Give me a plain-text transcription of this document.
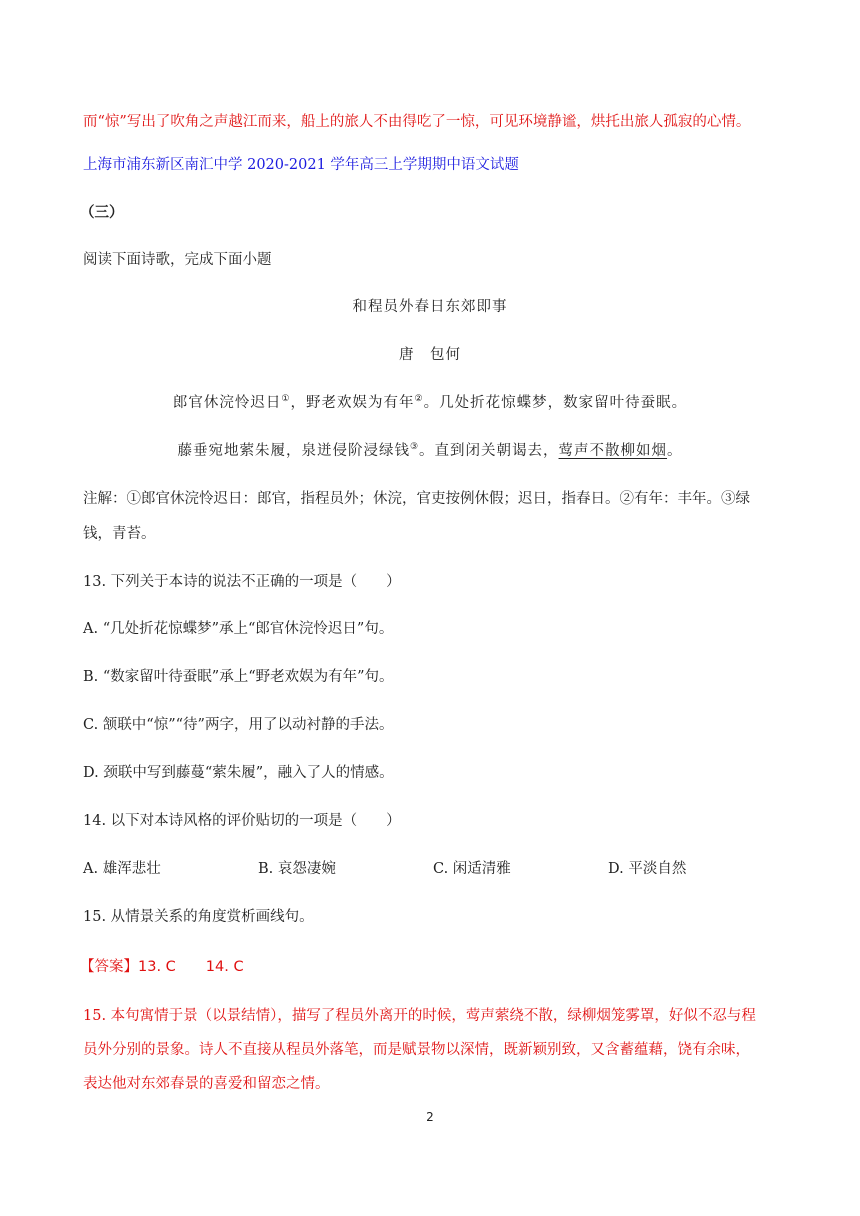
而“惊”写出了吹角之声越江而来，船上的旅人不由得吃了一惊，可见环境静谧，烘托出旅人孤寂的心情。
上海市浦东新区南汇中学 2020-2021 学年高三上学期期中语文试题
（三）
阅读下面诗歌，完成下面小题
和程员外春日东郊即事
唐　包何
郎官休浣怜迟日①，野老欢娱为有年②。几处折花惊蝶梦，数家留叶待蚕眠。
藤垂宛地萦朱履，泉迸侵阶浸绿钱③。直到闭关朝谒去，莺声不散柳如烟。
注解：①郎官休浣怜迟日：郎官，指程员外；休浣，官吏按例休假；迟日，指春日。②有年：丰年。③绿
钱，青苔。
13. 下列关于本诗的说法不正确的一项是（　　）
A. “几处折花惊蝶梦”承上“郎官休浣怜迟日”句。
B. “数家留叶待蚕眠”承上“野老欢娱为有年”句。
C. 颔联中“惊”“待”两字，用了以动衬静的手法。
D. 颈联中写到藤蔓“萦朱履”，融入了人的情感。
14. 以下对本诗风格的评价贴切的一项是（　　）
A. 雄浑悲壮	B. 哀怨凄婉	C. 闲适清雅	D. 平淡自然
15. 从情景关系的角度赏析画线句。
【答案】13. C 14. C
15. 本句寓情于景（以景结情），描写了程员外离开的时候，莺声萦绕不散，绿柳烟笼雾罩，好似不忍与程
员外分别的景象。诗人不直接从程员外落笔，而是赋景物以深情，既新颖别致，又含蓄蕴藉，饶有余味，
表达他对东郊春景的喜爱和留恋之情。
2
